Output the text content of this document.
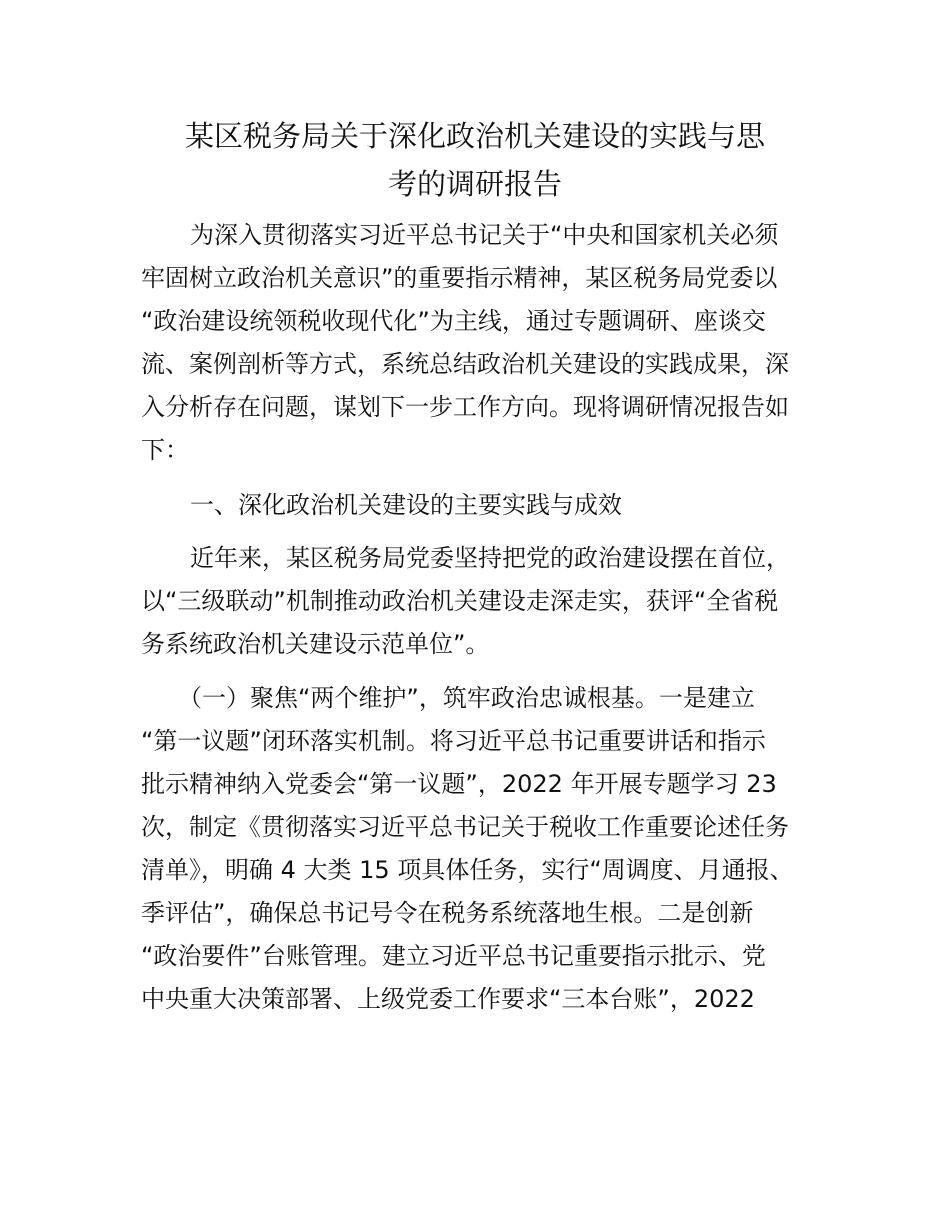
某区税务局关于深化政治机关建设的实践与思
考的调研报告
为深入贯彻落实习近平总书记关于“中央和国家机关必须
牢固树立政治机关意识”的重要指示精神，某区税务局党委以
“政治建设统领税收现代化”为主线，通过专题调研、座谈交
流、案例剖析等方式，系统总结政治机关建设的实践成果，深
入分析存在问题，谋划下一步工作方向。现将调研情况报告如
下：
一、深化政治机关建设的主要实践与成效
近年来，某区税务局党委坚持把党的政治建设摆在首位，
以“三级联动”机制推动政治机关建设走深走实，获评“全省税
务系统政治机关建设示范单位”。
（一）聚焦“两个维护”，筑牢政治忠诚根基。一是建立
“第一议题”闭环落实机制。将习近平总书记重要讲话和指示
批示精神纳入党委会“第一议题”，2022 年开展专题学习 23
次，制定《贯彻落实习近平总书记关于税收工作重要论述任务
清单》，明确 4 大类 15 项具体任务，实行“周调度、月通报、
季评估”，确保总书记号令在税务系统落地生根。二是创新
“政治要件”台账管理。建立习近平总书记重要指示批示、党
中央重大决策部署、上级党委工作要求“三本台账”，2022
